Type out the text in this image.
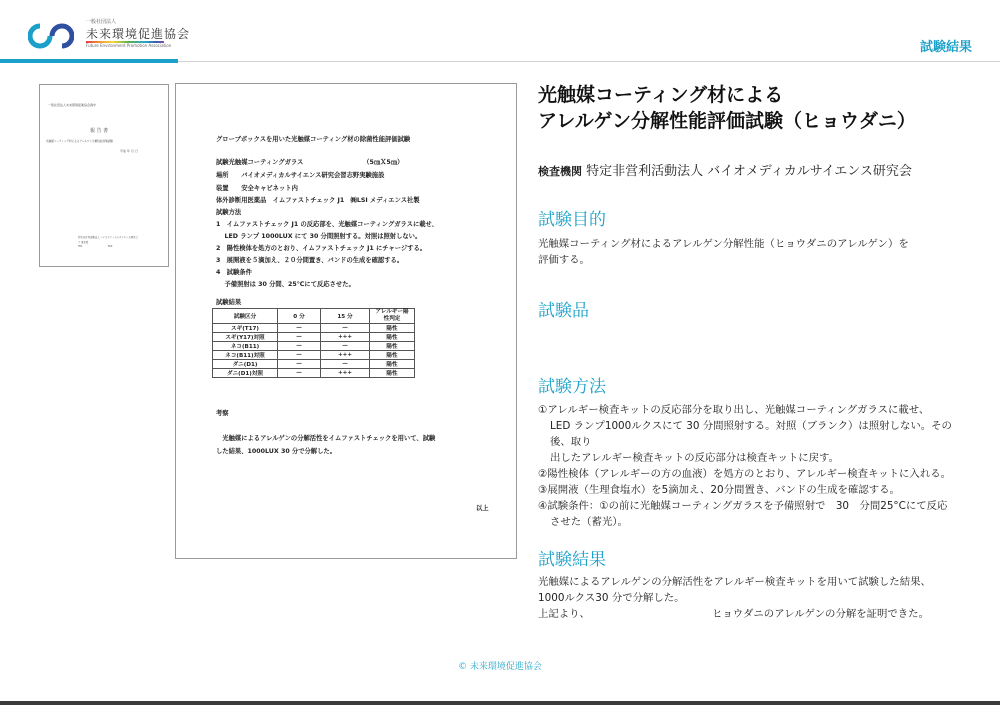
一般社団法人
未来環境促進協会
Future Environment Promotion Association	試験結果
一般社団法人未来環境促進協会御中
報 告 書
光触媒コーティング材によるアレルゲン分解性能評価試験
平成 年 月 日
特定非営利活動法人 バイオメディカルサイエンス研究会
〒 東京都
TEL	FAX
グローブボックスを用いた光触媒コーティング材の除菌性能評価試験
試験光触媒コーティングガラス　　　　　　　　　　（5㎝Ｘ5㎝）
場所　　バイオメディカルサイエンス研究会習志野実験施設
装置　　安全キャビネット内
体外診断用医薬品　イムファストチェック J1　㈱LSI メディエンス社製
試験方法
1　イムファストチェック J1 の反応部を、光触媒コーティングガラスに載せ、
　 LED ランプ 1000LUX にて 30 分間照射する。対照は照射しない。
2　陽性検体を処方のとおり、イムファストチェック J1 にチャージする。
3　展開液を５滴加え、２０分間置き、バンドの生成を確認する。
4　試験条件
　 予備照射は 30 分間、25℃にて反応させた。
試験結果
試験区分	0 分	15 分	アレルギー陽性判定
スギ(T17)	—	—	陽性
スギ(Y17)対照	—	+++	陽性
ネコ(B11)	—	—	陽性
ネコ(B11)対照	—	+++	陽性
ダニ(D1)	—	—	陽性
ダニ(D1)対照	—	+++	陽性
考察
　光触媒によるアレルゲンの分解活性をイムファストチェックを用いて、試験
した結果、1000LUX 30 分で分解した。
以上
光触媒コーティング材による
アレルゲン分解性能評価試験（ヒョウダニ）
検査機関 特定非営利活動法人 バイオメディカルサイエンス研究会
試験目的
光触媒コーティング材によるアレルゲン分解性能（ヒョウダニのアレルゲン）を
評価する。
試験品
試験方法
①アレルギー検査キットの反応部分を取り出し、光触媒コーティングガラスに載せ、
LED ランプ1000ルクスにて 30 分間照射する。対照（ブランク）は照射しない。その後、取り
出したアレルギー検査キットの反応部分は検査キットに戻す。
②陽性検体（アレルギーの方の血液）を処方のとおり、アレルギー検査キットに入れる。
③展開液（生理食塩水）を5滴加え、20分間置き、バンドの生成を確認する。
④試験条件：①の前に光触媒コーティングガラスを予備照射で　30　分間25°Cにて反応
させた（蓄光）。
試験結果
光触媒によるアレルゲンの分解活性をアレルギー検査キットを用いて試験した結果、
1000ルクス30 分で分解した。
上記より、	ヒョウダニのアレルゲンの分解を証明できた。
© 未来環境促進協会
